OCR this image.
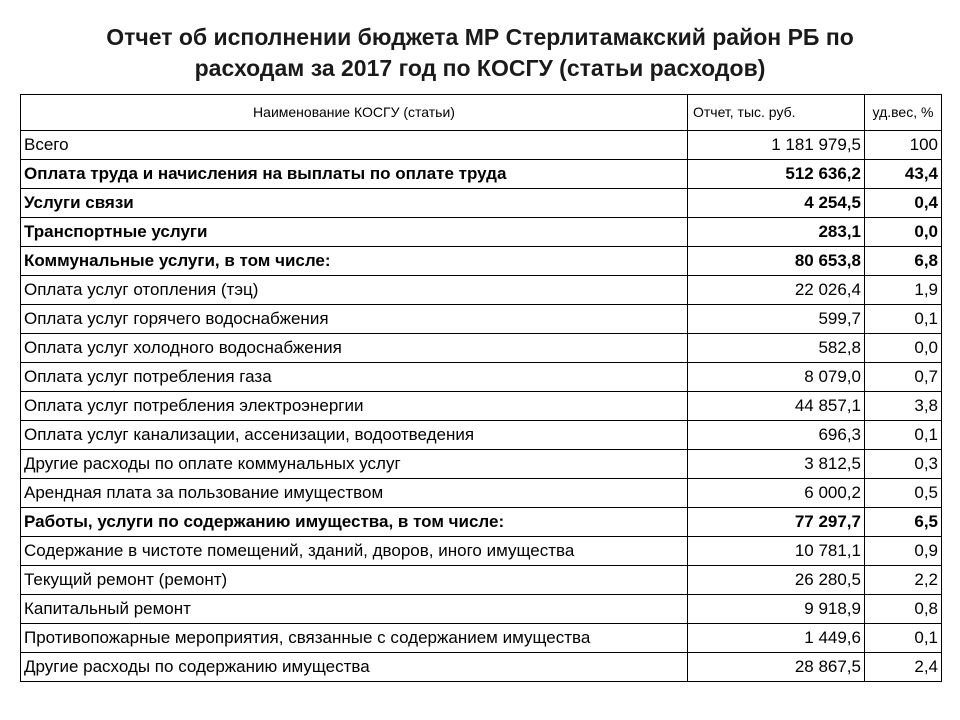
Отчет об исполнении бюджета МР Стерлитамакский район РБ по
расходам за 2017 год по КОСГУ (статьи расходов)
Наименование КОСГУ (статьи)	Отчет, тыс. руб.	уд.вес, %
Всего	1 181 979,5	100
Оплата труда и начисления на выплаты по оплате труда	512 636,2	43,4
Услуги связи	4 254,5	0,4
Транспортные услуги	283,1	0,0
Коммунальные услуги, в том числе:	80 653,8	6,8
Оплата услуг отопления (тэц)	22 026,4	1,9
Оплата услуг горячего водоснабжения	599,7	0,1
Оплата услуг холодного водоснабжения	582,8	0,0
Оплата услуг потребления газа	8 079,0	0,7
Оплата услуг потребления электроэнергии	44 857,1	3,8
Оплата услуг канализации, ассенизации, водоотведения	696,3	0,1
Другие расходы по оплате коммунальных услуг	3 812,5	0,3
Арендная плата за пользование имуществом	6 000,2	0,5
Работы, услуги по содержанию имущества, в том числе:	77 297,7	6,5
Содержание в чистоте помещений, зданий, дворов, иного имущества	10 781,1	0,9
Текущий ремонт (ремонт)	26 280,5	2,2
Капитальный ремонт	9 918,9	0,8
Противопожарные мероприятия, связанные с содержанием имущества	1 449,6	0,1
Другие расходы по содержанию имущества	28 867,5	2,4
